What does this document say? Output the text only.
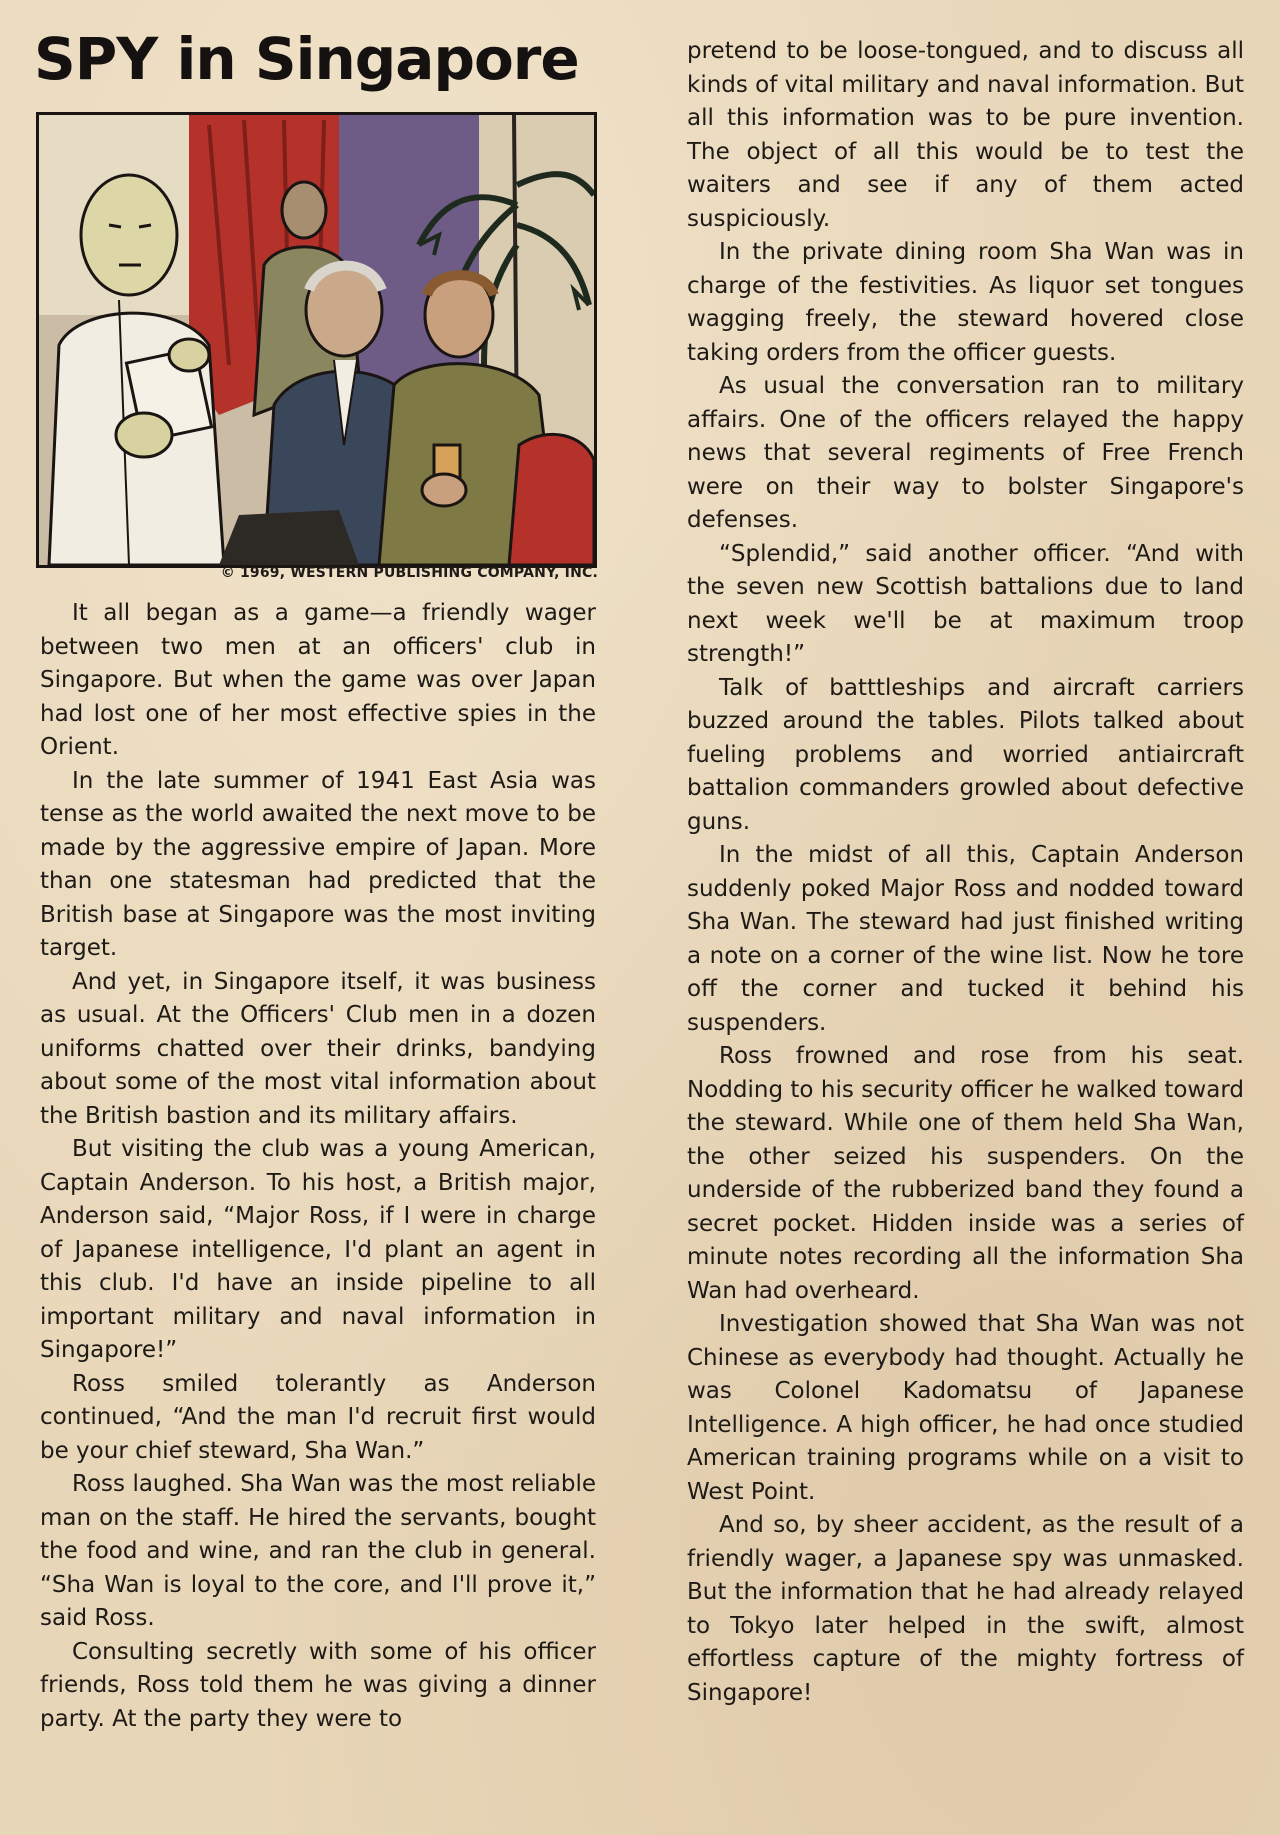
SPY in Singapore
© 1969, WESTERN PUBLISHING COMPANY, INC.

It all began as a game—a friendly wager between two men at an officers' club in Singapore. But when the game was over Japan had lost one of her most effective spies in the Orient.

In the late summer of 1941 East Asia was tense as the world awaited the next move to be made by the aggressive empire of Japan. More than one statesman had predicted that the British base at Singapore was the most inviting target.

And yet, in Singapore itself, it was business as usual. At the Officers' Club men in a dozen uniforms chatted over their drinks, bandying about some of the most vital information about the British bastion and its military affairs.

But visiting the club was a young American, Captain Anderson. To his host, a British major, Anderson said, “Major Ross, if I were in charge of Japanese intelligence, I'd plant an agent in this club. I'd have an inside pipeline to all important military and naval information in Singapore!”

Ross smiled tolerantly as Anderson continued, “And the man I'd recruit first would be your chief steward, Sha Wan.”

Ross laughed. Sha Wan was the most reliable man on the staff. He hired the servants, bought the food and wine, and ran the club in general. “Sha Wan is loyal to the core, and I'll prove it,” said Ross.

Consulting secretly with some of his officer friends, Ross told them he was giving a dinner party. At the party they were to

pretend to be loose-tongued, and to discuss all kinds of vital military and naval information. But all this information was to be pure invention. The object of all this would be to test the waiters and see if any of them acted suspiciously.

In the private dining room Sha Wan was in charge of the festivities. As liquor set tongues wagging freely, the steward hovered close taking orders from the officer guests.

As usual the conversation ran to military affairs. One of the officers relayed the happy news that several regiments of Free French were on their way to bolster Singapore's defenses.

“Splendid,” said another officer. “And with the seven new Scottish battalions due to land next week we'll be at maximum troop strength!”

Talk of batttleships and aircraft carriers buzzed around the tables. Pilots talked about fueling problems and worried antiaircraft battalion commanders growled about defective guns.

In the midst of all this, Captain Anderson suddenly poked Major Ross and nodded toward Sha Wan. The steward had just finished writing a note on a corner of the wine list. Now he tore off the corner and tucked it behind his suspenders.

Ross frowned and rose from his seat. Nodding to his security officer he walked toward the steward. While one of them held Sha Wan, the other seized his suspenders. On the underside of the rubberized band they found a secret pocket. Hidden inside was a series of minute notes recording all the information Sha Wan had overheard.

Investigation showed that Sha Wan was not Chinese as everybody had thought. Actually he was Colonel Kadomatsu of Japanese Intelligence. A high officer, he had once studied American training programs while on a visit to West Point.

And so, by sheer accident, as the result of a friendly wager, a Japanese spy was unmasked. But the information that he had already relayed to Tokyo later helped in the swift, almost effortless capture of the mighty fortress of Singapore!
